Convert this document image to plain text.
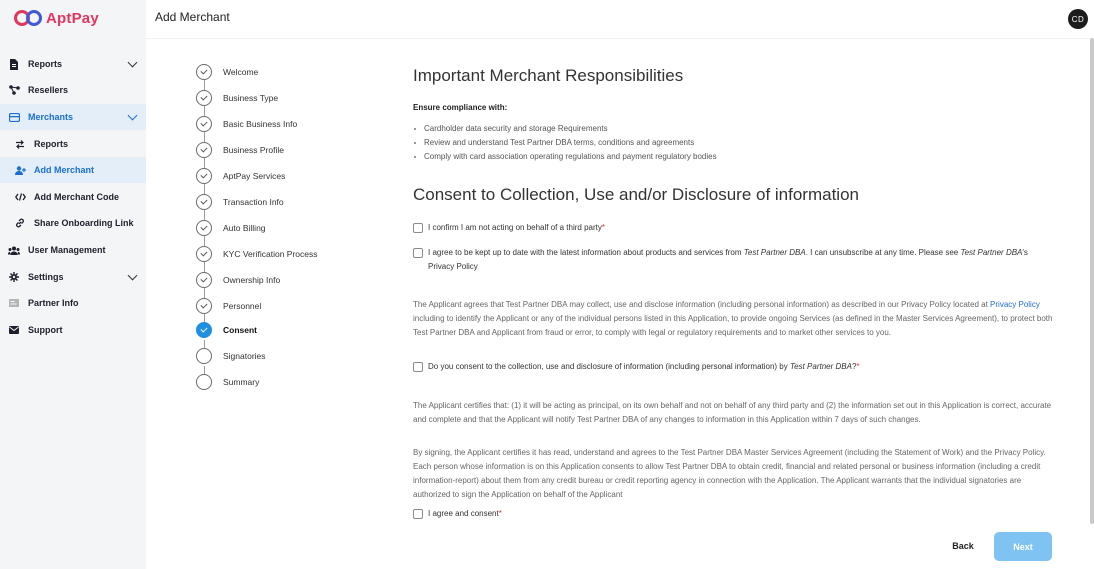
AptPay
Reports
Resellers
Merchants
Reports
Add Merchant
Add Merchant Code
Share Onboarding Link
User Management
Settings
Partner Info
Support
Add Merchant	CD
Welcome
Business Type
Basic Business Info
Business Profile
AptPay Services
Transaction Info
Auto Billing
KYC Verification Process
Ownership Info
Personnel
Consent
Signatories
Summary
Important Merchant Responsibilities
Ensure compliance with:
Cardholder data security and storage Requirements
Review and understand Test Partner DBA terms, conditions and agreements
Comply with card association operating regulations and payment regulatory bodies
Consent to Collection, Use and/or Disclosure of information
I confirm I am not acting on behalf of a third party*
I agree to be kept up to date with the latest information about products and services from Test Partner DBA. I can unsubscribe at any time. Please see Test Partner DBA's Privacy Policy
The Applicant agrees that Test Partner DBA may collect, use and disclose information (including personal information) as described in our Privacy Policy located at Privacy Policy including to identify the Applicant or any of the individual persons listed in this Application, to provide ongoing Services (as defined in the Master Services Agreement), to protect both Test Partner DBA and Applicant from fraud or error, to comply with legal or regulatory requirements and to market other services to you.
Do you consent to the collection, use and disclosure of information (including personal information) by Test Partner DBA?*
The Applicant certifies that: (1) it will be acting as principal, on its own behalf and not on behalf of any third party and (2) the information set out in this Application is correct, accurate and complete and that the Applicant will notify Test Partner DBA of any changes to information in this Application within 7 days of such changes.
By signing, the Applicant certifies it has read, understand and agrees to the Test Partner DBA Master Services Agreement (including the Statement of Work) and the Privacy Policy. Each person whose information is on this Application consents to allow Test Partner DBA to obtain credit, financial and related personal or business information (including a credit information-report) about them from any credit bureau or credit reporting agency in connection with the Application. The Applicant warrants that the individual signatories are authorized to sign the Application on behalf of the Applicant
I agree and consent*
Back	Next
